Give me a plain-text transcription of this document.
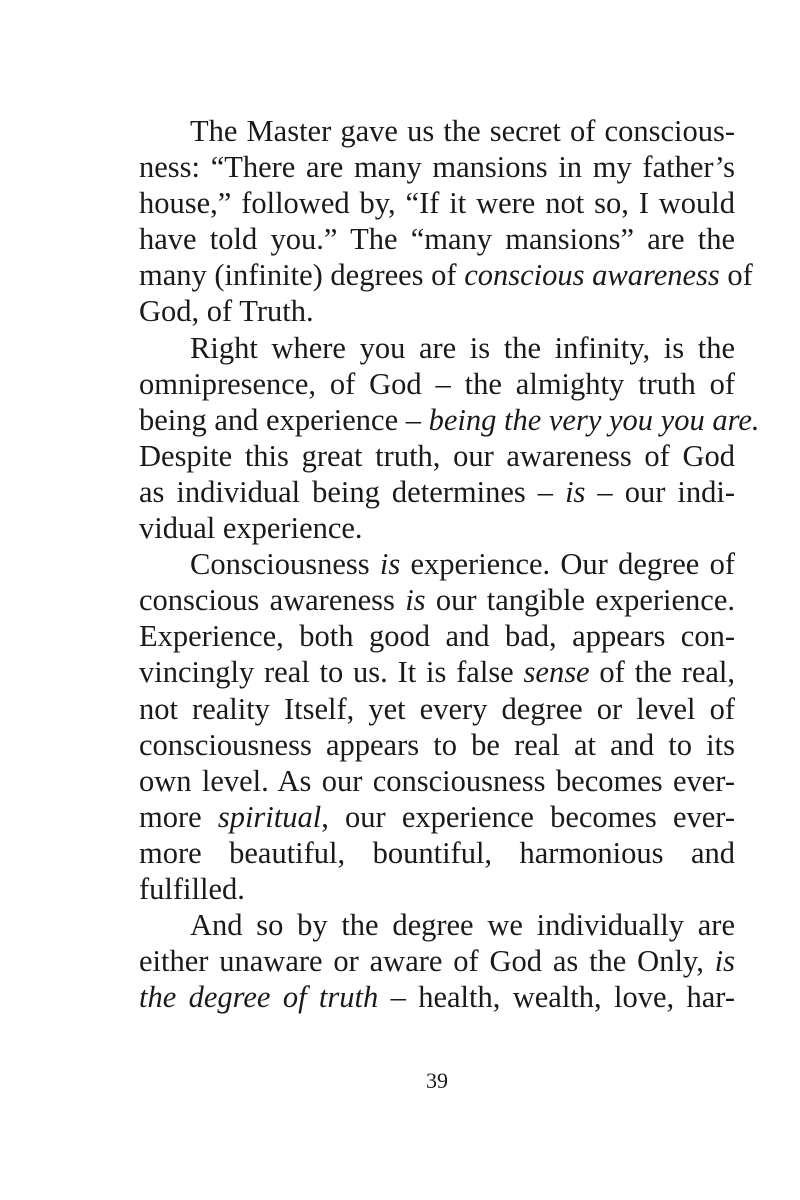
The Master gave us the secret of conscious-
ness: “There are many mansions in my father’s
house,” followed by, “If it were not so, I would
have told you.” The “many mansions” are the
many (infinite) degrees of conscious awareness of
God, of Truth.
Right where you are is the infinity, is the
omnipresence, of God – the almighty truth of
being and experience – being the very you you are.
Despite this great truth, our awareness of God
as individual being determines – is – our indi-
vidual experience.
Consciousness is experience. Our degree of
conscious awareness is our tangible experience.
Experience, both good and bad, appears con-
vincingly real to us. It is false sense of the real,
not reality Itself, yet every degree or level of
consciousness appears to be real at and to its
own level. As our consciousness becomes ever-
more spiritual, our experience becomes ever-
more beautiful, bountiful, harmonious and
fulfilled.
And so by the degree we individually are
either unaware or aware of God as the Only, is
the degree of truth – health, wealth, love, har-
39
